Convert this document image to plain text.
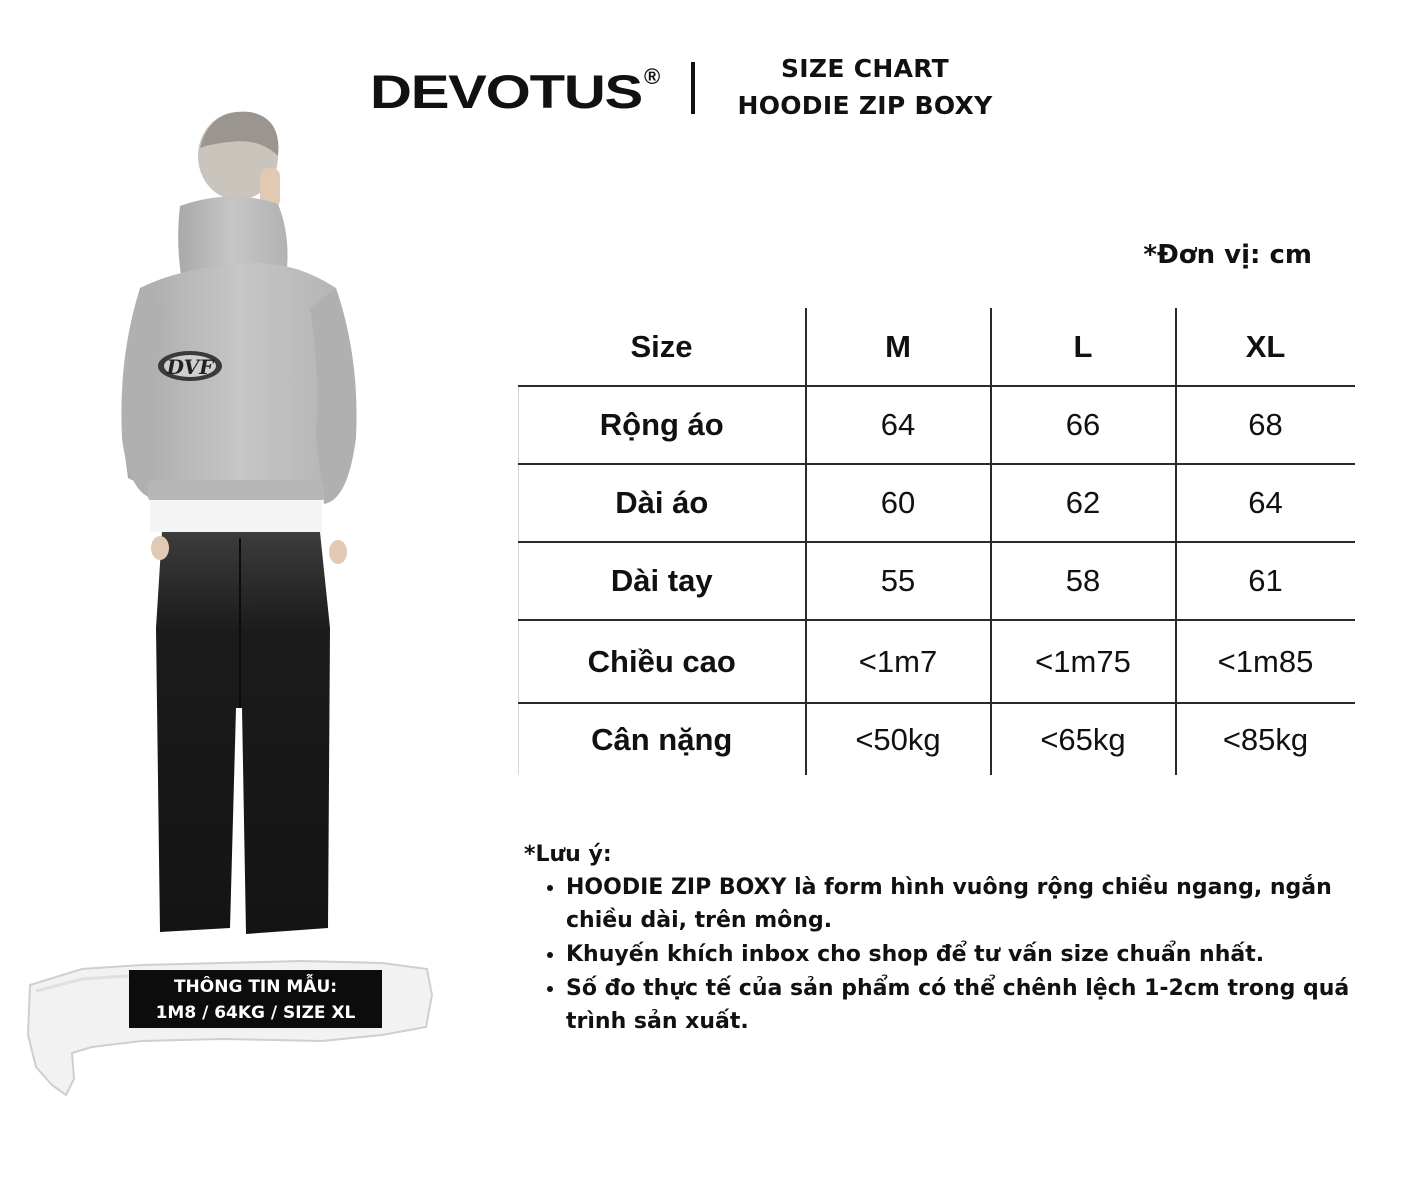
DEVOTUS ®	SIZE CHART
HOODIE ZIP BOXY
*Đơn vị: cm
Size	M	L	XL
Rộng áo	64	66	68
Dài áo	60	62	64
Dài tay	55	58	61
Chiều cao	<1m7	<1m75	<1m85
Cân nặng	<50kg	<65kg	<85kg

*Lưu ý:

• HOODIE ZIP BOXY là form hình vuông rộng chiều ngang, ngắn chiều dài, trên mông.
• Khuyến khích inbox cho shop để tư vấn size chuẩn nhất.
• Số đo thực tế của sản phẩm có thể chênh lệch 1-2cm trong quá trình sản xuất.
DVF
THÔNG TIN MẪU:
1M8 / 64KG / SIZE XL
